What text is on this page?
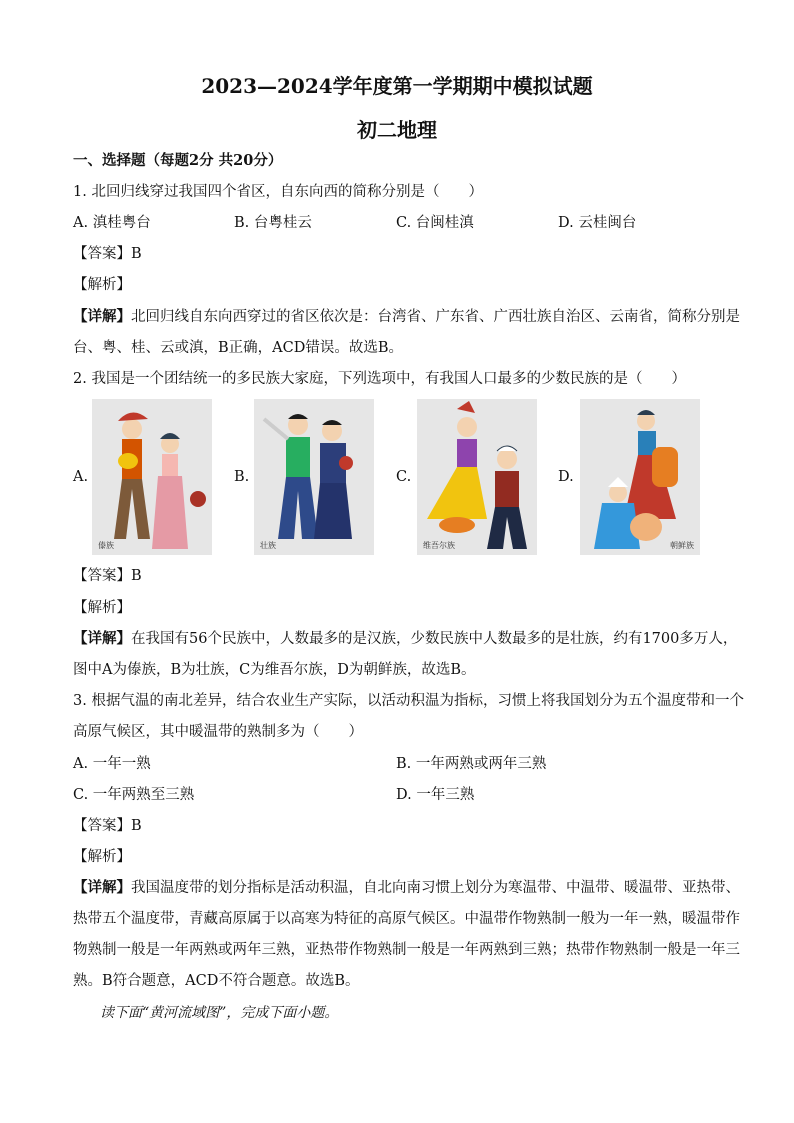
2023—2024学年度第一学期期中模拟试题
初二地理
一、选择题（每题2分 共20分）
1. 北回归线穿过我国四个省区，自东向西的简称分别是（　　）
A. 滇桂粤台	B. 台粤桂云	C. 台闽桂滇	D. 云桂闽台
【答案】B
【解析】
【详解】北回归线自东向西穿过的省区依次是：台湾省、广东省、广西壮族自治区、云南省，简称分别是
台、粤、桂、云或滇，B正确，ACD错误。故选B。
2. 我国是一个团结统一的多民族大家庭，下列选项中，有我国人口最多的少数民族的是（　　）
A.
傣族
B.
壮族
C.
维吾尔族
D.
朝鲜族
【答案】B
【解析】
【详解】在我国有56个民族中，人数最多的是汉族，少数民族中人数最多的是壮族，约有1700多万人，
图中A为傣族，B为壮族，C为维吾尔族，D为朝鲜族，故选B。
3. 根据气温的南北差异，结合农业生产实际，以活动积温为指标，习惯上将我国划分为五个温度带和一个
高原气候区，其中暖温带的熟制多为（　　）
A. 一年一熟	B. 一年两熟或两年三熟
C. 一年两熟至三熟	D. 一年三熟
【答案】B
【解析】
【详解】我国温度带的划分指标是活动积温，自北向南习惯上划分为寒温带、中温带、暖温带、亚热带、
热带五个温度带，青藏高原属于以高寒为特征的高原气候区。中温带作物熟制一般为一年一熟，暖温带作
物熟制一般是一年两熟或两年三熟，亚热带作物熟制一般是一年两熟到三熟；热带作物熟制一般是一年三
熟。B符合题意，ACD不符合题意。故选B。
读下面“黄河流域图”，完成下面小题。
